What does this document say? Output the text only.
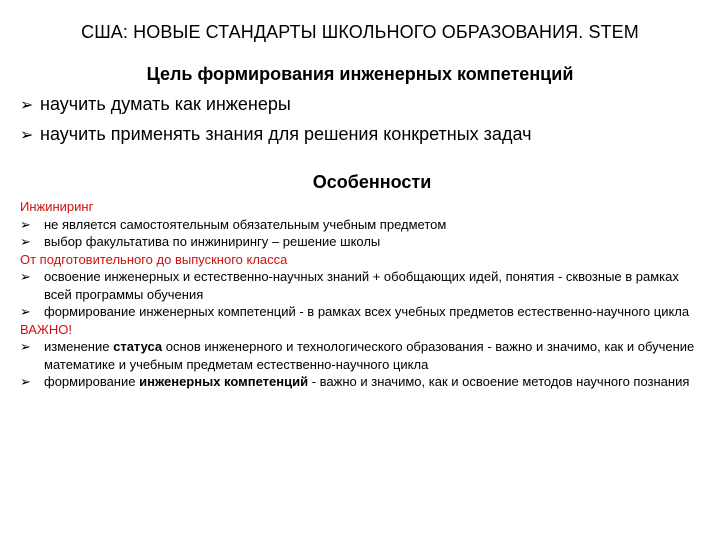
США: НОВЫЕ СТАНДАРТЫ ШКОЛЬНОГО ОБРАЗОВАНИЯ. STEM
Цель формирования инженерных компетенций
➢ научить думать как инженеры
➢ научить применять знания для решения конкретных задач
Особенности
Инжиниринг
➢	не является самостоятельным обязательным учебным предметом
➢	выбор факультатива по инжинирингу – решение школы
От подготовительного до выпускного класса
➢	освоение инженерных и естественно-научных знаний + обобщающих идей, понятия - сквозные в рамках всей программы обучения
➢	формирование инженерных компетенций - в рамках всех учебных предметов естественно-научного цикла
ВАЖНО!
➢	изменение статуса основ инженерного и технологического образования - важно и значимо, как и обучение математике и учебным предметам естественно-научного цикла
➢	формирование инженерных компетенций - важно и значимо, как и освоение методов научного познания
